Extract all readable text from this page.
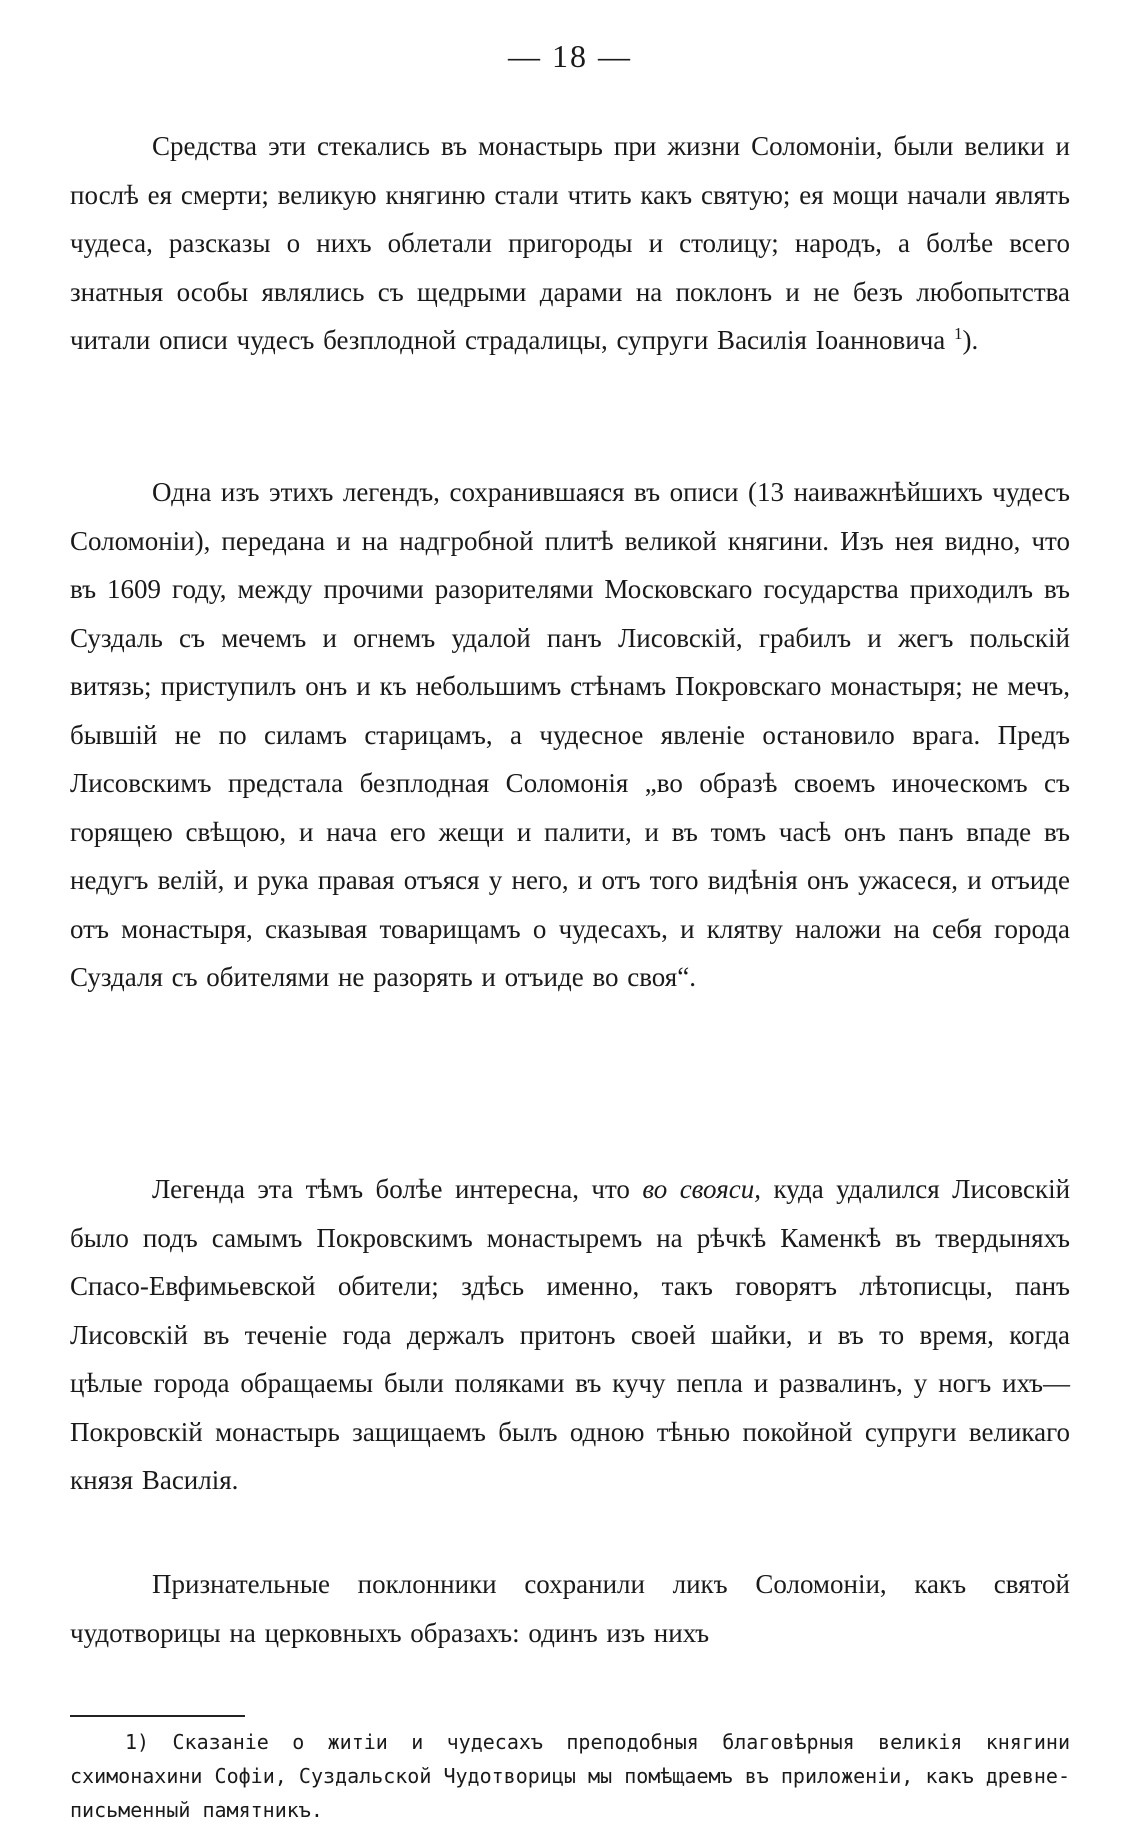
— 18 —

Средства эти стекались въ монастырь при жизни Соломоніи, были велики и послѣ ея смерти; великую княгиню стали чтить какъ святую; ея мощи начали являть чудеса, разсказы о нихъ облетали пригороды и столицу; народъ, а болѣе всего знатныя особы являлись съ щедрыми дарами на поклонъ и не безъ любопытства читали описи чудесъ безплодной страдалицы, супруги Василія Іоанновича $^1$).

Одна изъ этихъ легендъ, сохранившаяся въ описи (13 наиважнѣйшихъ чудесъ Соломоніи), передана и на надгробной плитѣ великой княгини. Изъ нея видно, что въ 1609 году, между прочими разорителями Московскаго государства приходилъ въ Суздаль съ мечемъ и огнемъ удалой панъ Лисовскій, грабилъ и жегъ польскій витязь; приступилъ онъ и къ небольшимъ стѣнамъ Покровскаго монастыря; не мечъ, бывшій не по силамъ старицамъ, а чудесное явленіе остановило врага. Предъ Лисовскимъ предстала безплодная Соломонія „во образѣ своемъ иноческомъ съ горящею свѣщою, и нача его жещи и палити, и въ томъ часѣ онъ панъ впаде въ недугъ велій, и рука правая отъяся у него, и отъ того видѣнія онъ ужасеся, и отъиде отъ монастыря, сказывая товарищамъ о чудесахъ, и клятву наложи на себя города Суздаля съ обителями не разорять и отъиде во своя“.

Легенда эта тѣмъ болѣе интересна, что во свояси, куда удалился Лисовскій было подъ самымъ Покровскимъ монастыремъ на рѣчкѣ Каменкѣ въ твердыняхъ Спасо-Евфимьевской обители; здѣсь именно, такъ говорятъ лѣтописцы, панъ Лисовскій въ теченіе года держалъ притонъ своей шайки, и въ то время, когда цѣлые города обращаемы были поляками въ кучу пепла и развалинъ, у ногъ ихъ—Покровскій монастырь защищаемъ былъ одною тѣнью покойной супруги великаго князя Василія.

Признательные поклонники сохранили ликъ Соломоніи, какъ святой чудотворицы на церковныхъ образахъ: одинъ изъ нихъ

1) Сказаніе о житіи и чудесахъ преподобныя благовѣрныя великія княгини схимонахини Софіи, Суздальской Чудотворицы мы помѣщаемъ въ приложеніи, какъ древне-письменный памятникъ.
